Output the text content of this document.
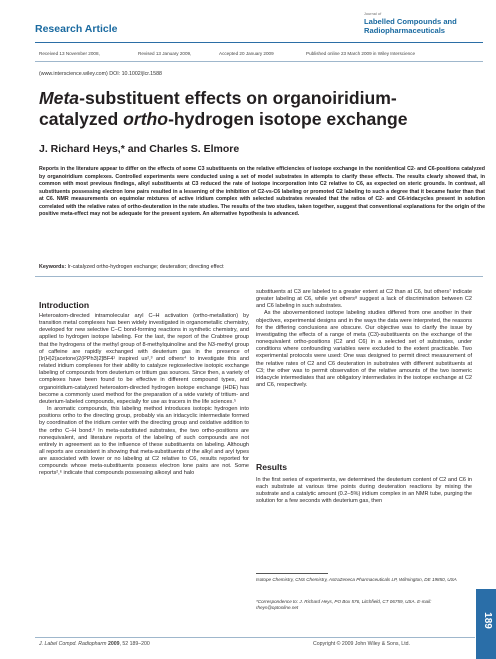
Research Article
Journal of
Labelled Compounds and Radiopharmaceuticals
Received 13 November 2008,	Revised 13 January 2009,	Accepted 20 January 2009	Published online 23 March 2009 in Wiley Interscience
(www.interscience.wiley.com) DOI: 10.1002/jlcr.1588
Meta-substituent effects on organoiridium-catalyzed ortho-hydrogen isotope exchange
J. Richard Heys,* and Charles S. Elmore

Reports in the literature appear to differ on the effects of some C3 substituents on the relative efficiencies of isotope exchange in the nonidentical C2- and C6-positions catalyzed by organoiridium complexes. Controlled experiments were conducted using a set of model substrates in attempts to clarify these effects. The results clearly showed that, in common with most previous findings, alkyl substituents at C3 reduced the rate of isotope incorporation into C2 relative to C6, as expected on steric grounds. In contrast, all substituents possessing electron lone pairs resulted in a lessening of the inhibition of C2-vs-C6 labeling or promoted C2 labeling to such a degree that it became faster than that at C6. NMR measurements on equimolar mixtures of active iridium complex with selected substrates revealed that the ratios of C2- and C6-iridacycles present in solution correlated with the relative rates of ortho-deuteration in the rate studies. The results of the two studies, taken together, suggest that conventional explanations for the origin of the positive meta-effect may not be adequate for the present system. An alternative hypothesis is advanced.

Keywords: Ir-catalyzed ortho-hydrogen exchange; deuteration; directing effect
Introduction

Heteroatom-directed intramolecular aryl C–H activation (ortho-metallation) by transition metal complexes has been widely investigated in organometallic chemistry, developed for new selective C–C bond-forming reactions in synthetic chemistry, and applied to hydrogen isotope labeling. For the last, the report of the Crabtree group that the hydrogens of the methyl group of 8-methylquinoline and the N3-methyl group of caffeine are rapidly exchanged with deuterium gas in the presence of [Ir(H)2(acetone)2(PPh3)2]BF4¹ inspired us²,³ and others⁴ to investigate this and related iridium complexes for their ability to catalyze regioselective isotopic exchange labeling of compounds from deuterium or tritium gas sources. Since then, a variety of complexes have been found to be effective in different compound types, and organoiridium-catalyzed heteroatom-directed hydrogen isotope exchange (HDE) has become a commonly used method for the preparation of a wide variety of tritium- and deuterium-labeled compounds, especially for use as tracers in the life sciences.⁵

In aromatic compounds, this labeling method introduces isotopic hydrogen into positions ortho to the directing group, probably via an iridacyclic intermediate formed by coordination of the iridium center with the directing group and oxidative addition to the ortho C–H bond.⁶ In meta-substituted substrates, the two ortho-positions are nonequivalent, and literature reports of the labeling of such compounds are not entirely in agreement as to the influence of these substituents on labeling. Although all reports are consistent in showing that meta-substituents of the alkyl and aryl types are associated with lower or no labeling at C2 relative to C6, results reported for compounds whose meta-substituents possess electron lone pairs are not. Some reports²,⁶ indicate that compounds possessing alkoxyl and halo

substituents at C3 are labeled to a greater extent at C2 than at C6, but others⁷ indicate greater labeling at C6, while yet others⁸ suggest a lack of discrimination between C2 and C6 labeling in such substrates.

As the abovementioned isotope labeling studies differed from one another in their objectives, experimental designs and in the ways the data were interpreted, the reasons for the differing conclusions are obscure. Our objective was to clarify the issue by investigating the effects of a range of meta (C3)-substituents on the exchange of the nonequivalent ortho-positions (C2 and C6) in a selected set of substrates, under conditions where confounding variables were excluded to the extent practicable. Two experimental protocols were used: One was designed to permit direct measurement of the relative rates of C2 and C6 deuteration in substrates with different substituents at C3; the other was to permit observation of the relative amounts of the two isomeric iridacycle intermediates that are obligatory intermediates in the isotope exchange at C2 and C6, respectively.

Results

In the first series of experiments, we determined the deuterium content of C2 and C6 in each substrate at various time points during deuteration reactions by mixing the substrate and a catalytic amount (0.2–5%) iridium complex in an NMR tube, purging the solution for a few seconds with deuterium gas, then

Isotope Chemistry, CNS Chemistry, AstraZeneca Pharmaceuticals LP, Wilmington, DE 19850, USA

*Correspondence to: J. Richard Heys, PO Box 576, Litchfield, CT 06759, USA. E-mail: rheys@optonline.net

189
J. Label Compd. Radiopharm 2009, 52 189–200	Copyright © 2009 John Wiley & Sons, Ltd.
